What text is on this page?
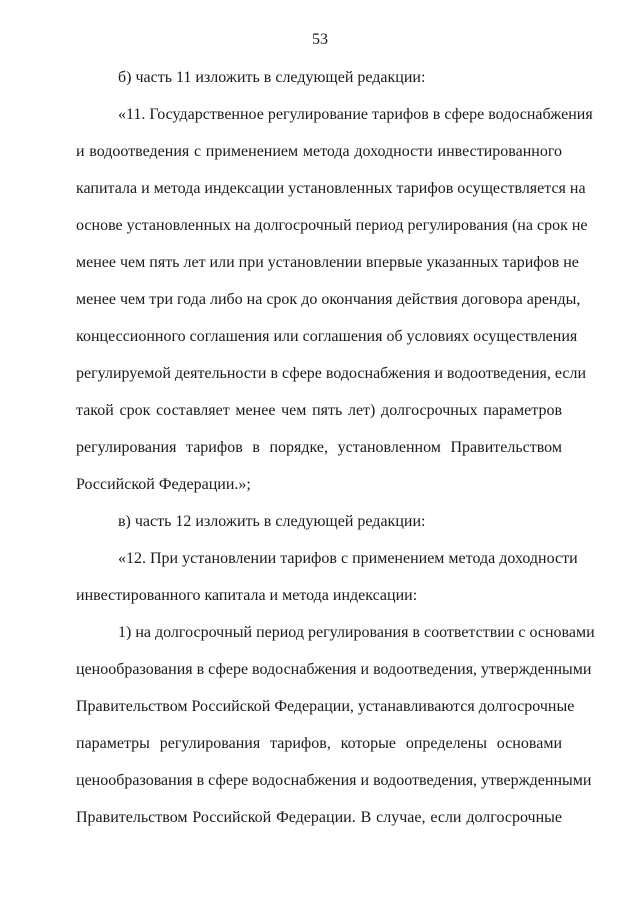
53
б) часть 11 изложить в следующей редакции:
«11. Государственное регулирование тарифов в сфере водоснабжения
и водоотведения с применением метода доходности инвестированного
капитала и метода индексации установленных тарифов осуществляется на
основе установленных на долгосрочный период регулирования (на срок не
менее чем пять лет или при установлении впервые указанных тарифов не
менее чем три года либо на срок до окончания действия договора аренды,
концессионного соглашения или соглашения об условиях осуществления
регулируемой деятельности в сфере водоснабжения и водоотведения, если
такой срок составляет менее чем пять лет) долгосрочных параметров
регулирования тарифов в порядке, установленном Правительством
Российской Федерации.»;
в) часть 12 изложить в следующей редакции:
«12. При установлении тарифов с применением метода доходности
инвестированного капитала и метода индексации:
1) на долгосрочный период регулирования в соответствии с основами
ценообразования в сфере водоснабжения и водоотведения, утвержденными
Правительством Российской Федерации, устанавливаются долгосрочные
параметры регулирования тарифов, которые определены основами
ценообразования в сфере водоснабжения и водоотведения, утвержденными
Правительством Российской Федерации. В случае, если долгосрочные
